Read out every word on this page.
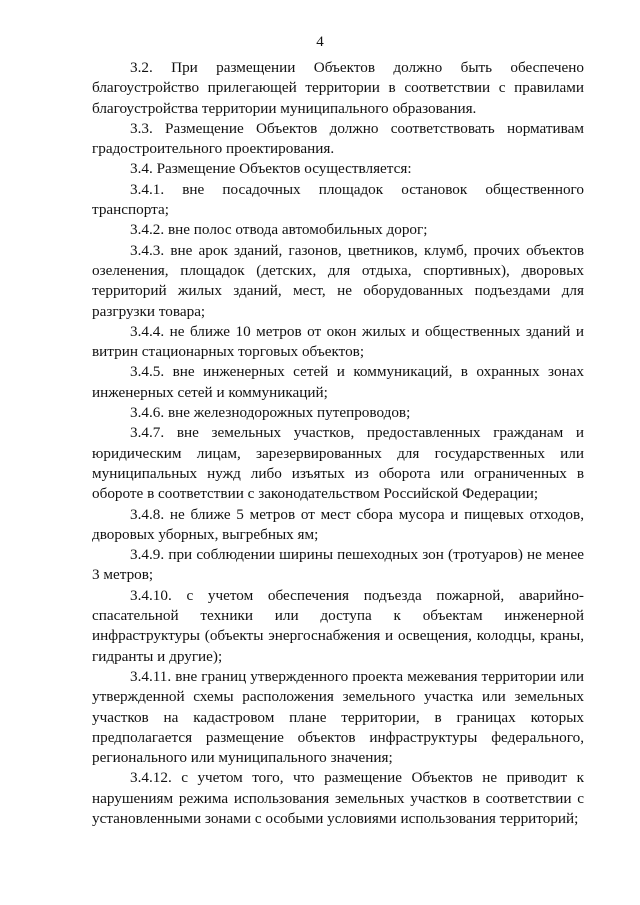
4

3.2. При размещении Объектов должно быть обеспечено благоустройство прилегающей территории в соответствии с правилами благоустройства территории муниципального образования.

3.3. Размещение Объектов должно соответствовать нормативам градостроительного проектирования.

3.4. Размещение Объектов осуществляется:

3.4.1. вне посадочных площадок остановок общественного транспорта;

3.4.2. вне полос отвода автомобильных дорог;

3.4.3. вне арок зданий, газонов, цветников, клумб, прочих объектов озеленения, площадок (детских, для отдыха, спортивных), дворовых территорий жилых зданий, мест, не оборудованных подъездами для разгрузки товара;

3.4.4. не ближе 10 метров от окон жилых и общественных зданий и витрин стационарных торговых объектов;

3.4.5. вне инженерных сетей и коммуникаций, в охранных зонах инженерных сетей и коммуникаций;

3.4.6. вне железнодорожных путепроводов;

3.4.7. вне земельных участков, предоставленных гражданам и юридическим лицам, зарезервированных для государственных или муниципальных нужд либо изъятых из оборота или ограниченных в обороте в соответствии с законодательством Российской Федерации;

3.4.8. не ближе 5 метров от мест сбора мусора и пищевых отходов, дворовых уборных, выгребных ям;

3.4.9. при соблюдении ширины пешеходных зон (тротуаров) не менее 3 метров;

3.4.10. с учетом обеспечения подъезда пожарной, аварийно-спасательной техники или доступа к объектам инженерной инфраструктуры (объекты энергоснабжения и освещения, колодцы, краны, гидранты и другие);

3.4.11. вне границ утвержденного проекта межевания территории или утвержденной схемы расположения земельного участка или земельных участков на кадастровом плане территории, в границах которых предполагается размещение объектов инфраструктуры федерального, регионального или муниципального значения;

3.4.12. с учетом того, что размещение Объектов не приводит к нарушениям режима использования земельных участков в соответствии с установленными зонами с особыми условиями использования территорий;
